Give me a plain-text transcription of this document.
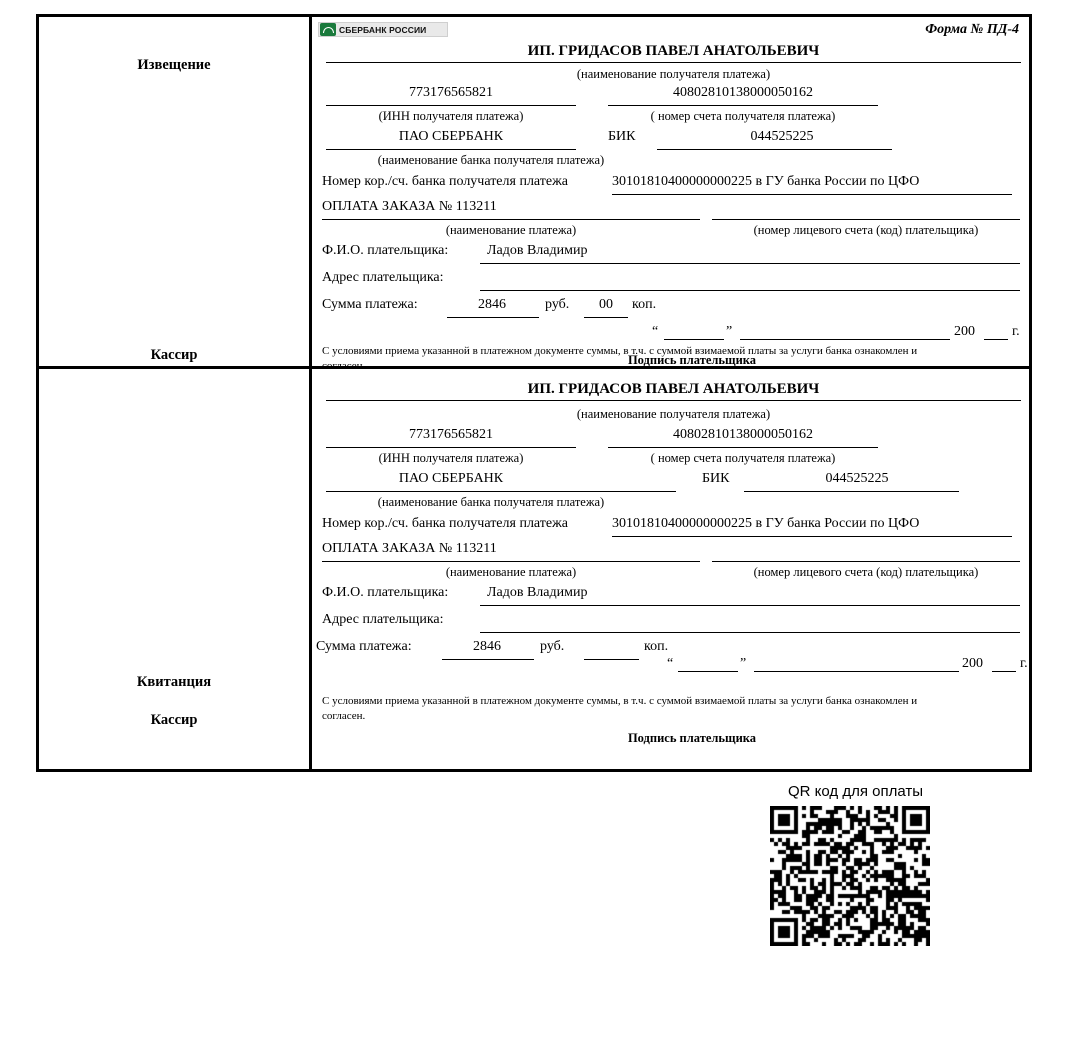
Извещение
Кассир
СБЕРБАНК РОССИИ	Форма № ПД-4
ИП. ГРИДАСОВ ПАВЕЛ АНАТОЛЬЕВИЧ
(наименование получателя платежа)
773176565821
(ИНН получателя платежа)
40802810138000050162
( номер счета получателя платежа)
ПАО СБЕРБАНК
(наименование банка получателя платежа)
БИК	044525225
Номер кор./сч. банка получателя платежа	30101810400000000225 в ГУ банка России по ЦФО
ОПЛАТА ЗАКАЗА № 113211
(наименование платежа)	(номер лицевого счета (код) плательщика)
Ф.И.О. плательщика:	Ладов Владимир
Адрес плательщика:
Сумма платежа:	2846	руб.	00	коп.
“	”	200	г.
С условиями приема указанной в платежном документе суммы, в т.ч. с суммой взимаемой платы за услуги банка ознакомлен и согласен.	Подпись плательщика
Квитанция
Кассир
ИП. ГРИДАСОВ ПАВЕЛ АНАТОЛЬЕВИЧ
(наименование получателя платежа)
773176565821
(ИНН получателя платежа)
40802810138000050162
( номер счета получателя платежа)
ПАО СБЕРБАНК
(наименование банка получателя платежа)
БИК	044525225
Номер кор./сч. банка получателя платежа	30101810400000000225 в ГУ банка России по ЦФО
ОПЛАТА ЗАКАЗА № 113211
(наименование платежа)	(номер лицевого счета (код) плательщика)
Ф.И.О. плательщика:	Ладов Владимир
Адрес плательщика:
Сумма платежа:	2846	руб.	коп.
“	”	200	г.
С условиями приема указанной в платежном документе суммы, в т.ч. с суммой взимаемой платы за услуги банка ознакомлен и согласен.
Подпись плательщика
QR код для оплаты
